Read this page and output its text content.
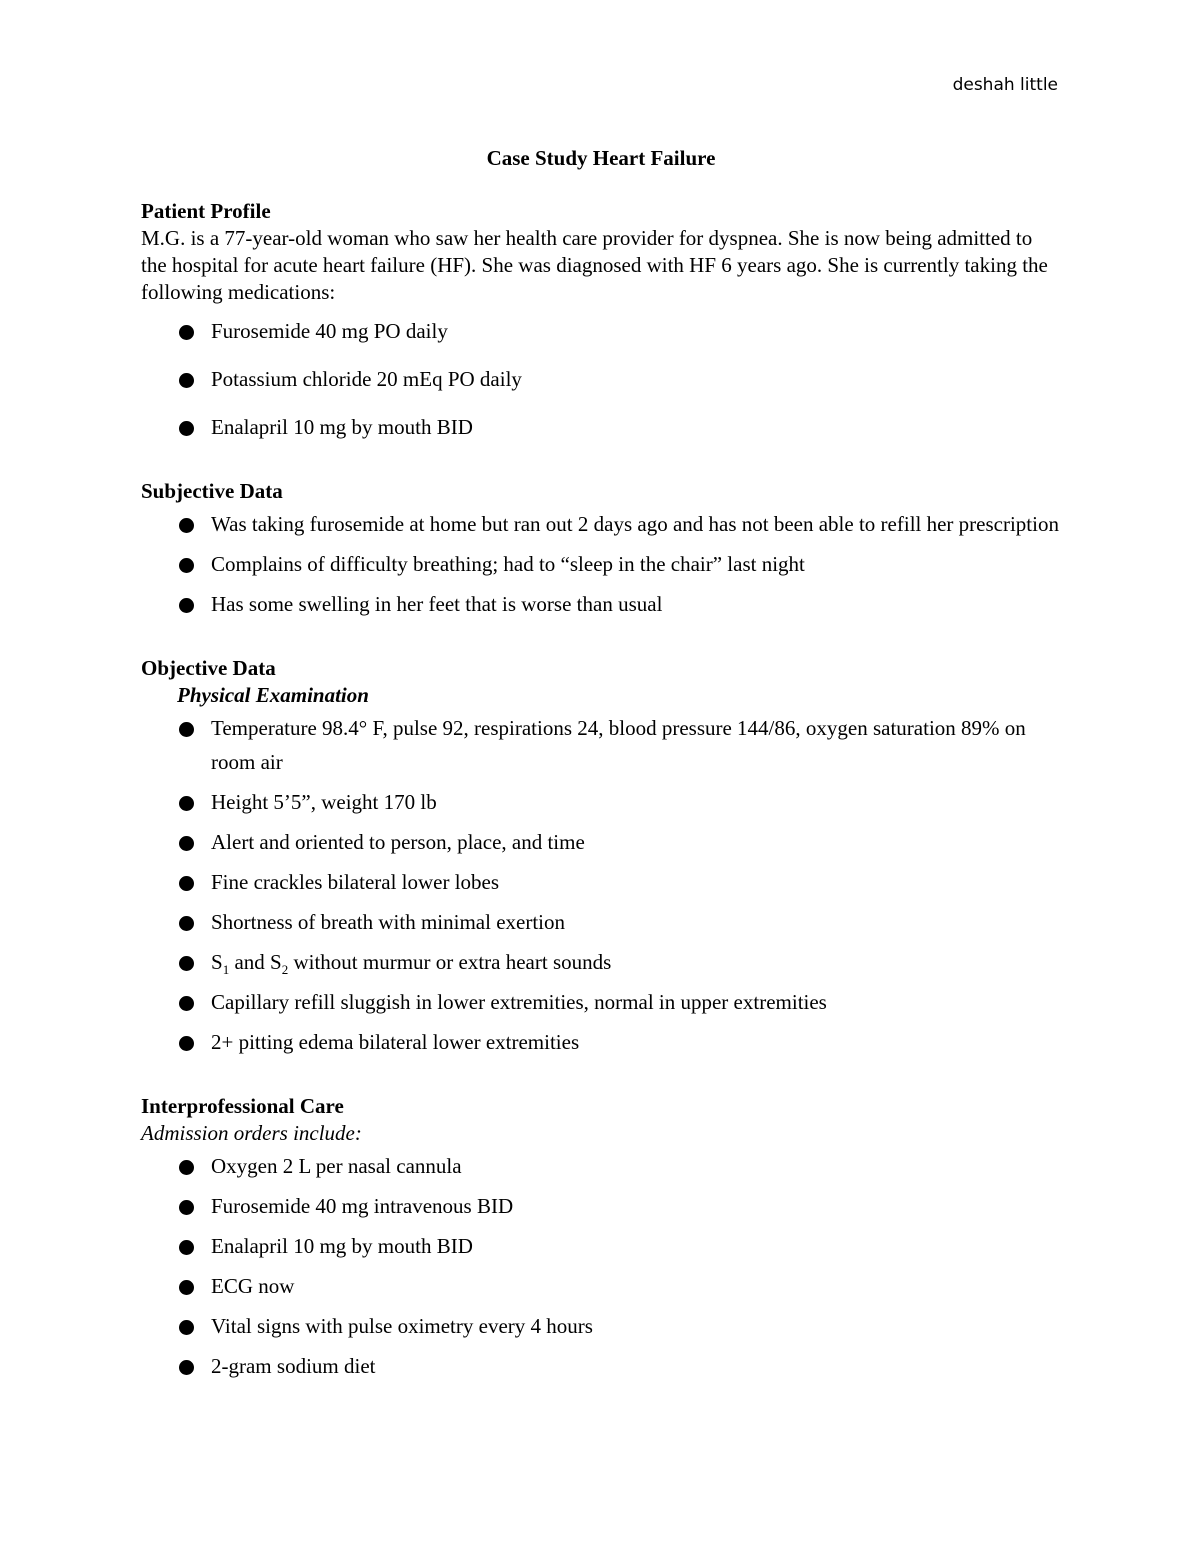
deshah little
Case Study Heart Failure
Patient Profile
M.G. is a 77-year-old woman who saw her health care provider for dyspnea. She is now being admitted to the hospital for acute heart failure (HF). She was diagnosed with HF 6 years ago. She is currently taking the following medications:
Furosemide 40 mg PO daily
Potassium chloride 20 mEq PO daily
Enalapril 10 mg by mouth BID
Subjective Data
Was taking furosemide at home but ran out 2 days ago and has not been able to refill her prescription
Complains of difficulty breathing; had to “sleep in the chair” last night
Has some swelling in her feet that is worse than usual
Objective Data
Physical Examination
Temperature 98.4° F, pulse 92, respirations 24, blood pressure 144/86, oxygen saturation 89% on room air
Height 5’5”, weight 170 lb
Alert and oriented to person, place, and time
Fine crackles bilateral lower lobes
Shortness of breath with minimal exertion
$S_1$ and $S_2$ without murmur or extra heart sounds
Capillary refill sluggish in lower extremities, normal in upper extremities
2+ pitting edema bilateral lower extremities
Interprofessional Care
Admission orders include:
Oxygen 2 L per nasal cannula
Furosemide 40 mg intravenous BID
Enalapril 10 mg by mouth BID
ECG now
Vital signs with pulse oximetry every 4 hours
2-gram sodium diet
